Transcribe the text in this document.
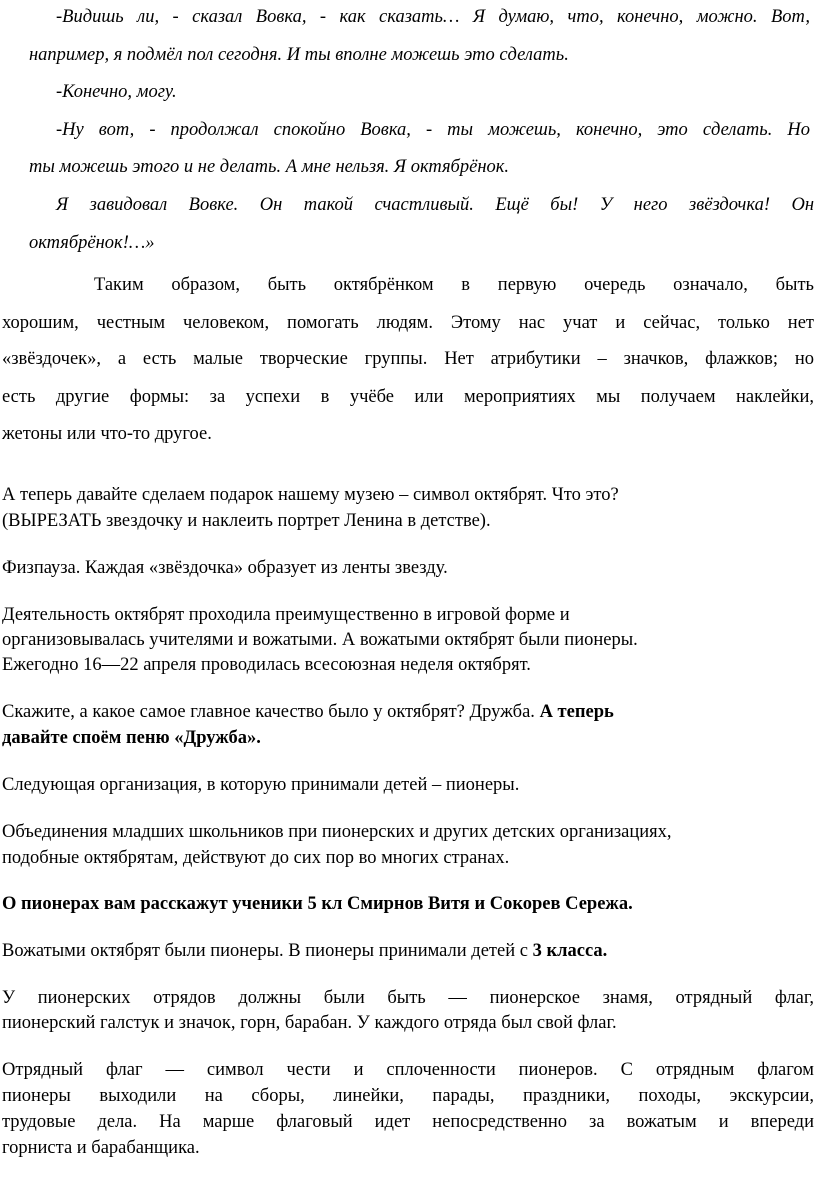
-Видишь ли, - сказал Вовка, - как сказать… Я думаю, что, конечно, можно. Вот,
например, я подмёл пол сегодня. И ты вполне можешь это сделать.
-Конечно, могу.
-Ну вот, - продолжал спокойно Вовка, - ты можешь, конечно, это сделать. Но
ты можешь этого и не делать. А мне нельзя. Я октябрёнок.
Я завидовал Вовке. Он такой счастливый. Ещё бы! У него звёздочка! Он
октябрёнок!…»
Таким образом, быть октябрёнком в первую очередь означало, быть
хорошим, честным человеком, помогать людям. Этому нас учат и сейчас, только нет
«звёздочек», а есть малые творческие группы. Нет атрибутики – значков, флажков; но
есть другие формы: за успехи в учёбе или мероприятиях мы получаем наклейки,
жетоны или что-то другое.
А теперь давайте сделаем подарок нашему музею – символ октябрят. Что это?
(ВЫРЕЗАТЬ звездочку и наклеить портрет Ленина в детстве).
Физпауза. Каждая «звёздочка» образует из ленты звезду.
Деятельность октябрят проходила преимущественно в игровой форме и
организовывалась учителями и вожатыми. А вожатыми октябрят были пионеры.
Ежегодно 16—22 апреля проводилась всесоюзная неделя октябрят.
Скажите, а какое самое главное качество было у октябрят? Дружба. А теперь
давайте споём пеню «Дружба».
Следующая организация, в которую принимали детей – пионеры.
Объединения младших школьников при пионерских и других детских организациях,
подобные октябрятам, действуют до сих пор во многих странах.
О пионерах вам расскажут ученики 5 кл Смирнов Витя и Сокорев Сережа.
Вожатыми октябрят были пионеры. В пионеры принимали детей с 3 класса.
У пионерских отрядов должны были быть — пионерское знамя, отрядный флаг,
пионерский галстук и значок, горн, барабан. У каждого отряда был свой флаг.
Отрядный флаг — символ чести и сплоченности пионеров. С отрядным флагом
пионеры выходили на сборы, линейки, парады, праздники, походы, экскурсии,
трудовые дела. На марше флаговый идет непосредственно за вожатым и впереди
горниста и барабанщика.
